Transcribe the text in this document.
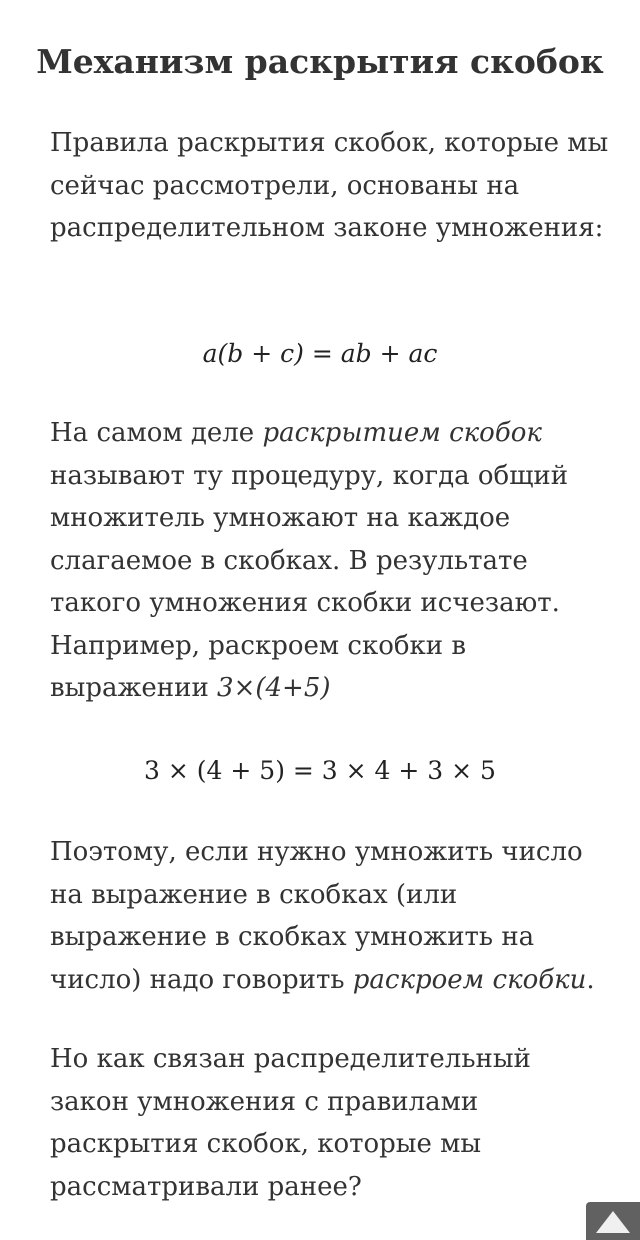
Механизм раскрытия скобок

Правила раскрытия скобок, которые мы сейчас рассмотрели, основаны на распределительном законе умножения:

a(b + c) = ab + ac

На самом деле раскрытием скобок называют ту процедуру, когда общий множитель умножают на каждое слагаемое в скобках. В результате такого умножения скобки исчезают. Например, раскроем скобки в выражении 3×(4+5)

3 × (4 + 5) = 3 × 4 + 3 × 5

Поэтому, если нужно умножить число на выражение в скобках (или выражение в скобках умножить на число) надо говорить раскроем скобки.

Но как связан распределительный закон умножения с правилами раскрытия скобок, которые мы рассматривали ранее?
